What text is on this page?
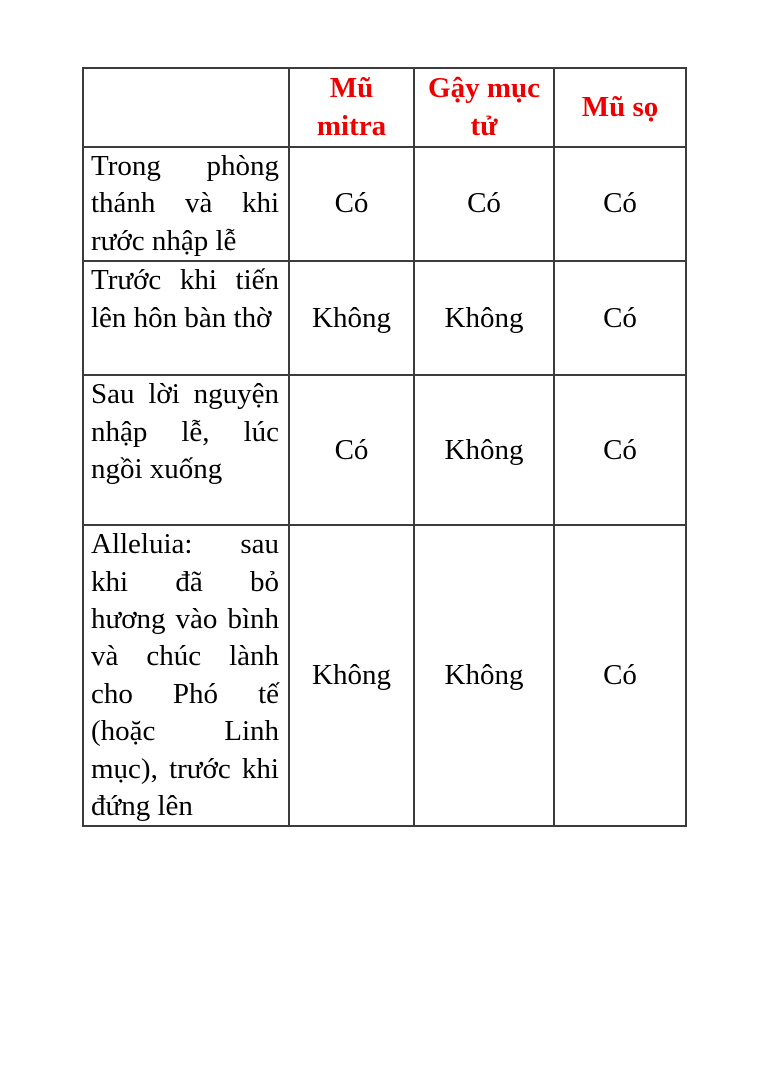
	Mũ mitra	Gậy mục tử	Mũ sọ
Trong phòng thánh và khi rước nhập lễ	Có	Có	Có
Trước khi tiến lên hôn bàn thờ	Không	Không	Có
Sau lời nguyện nhập lễ, lúc ngồi xuống	Có	Không	Có
Alleluia: sau khi đã bỏ hương vào bình và chúc lành cho Phó tế (hoặc Linh mục), trước khi đứng lên	Không	Không	Có
